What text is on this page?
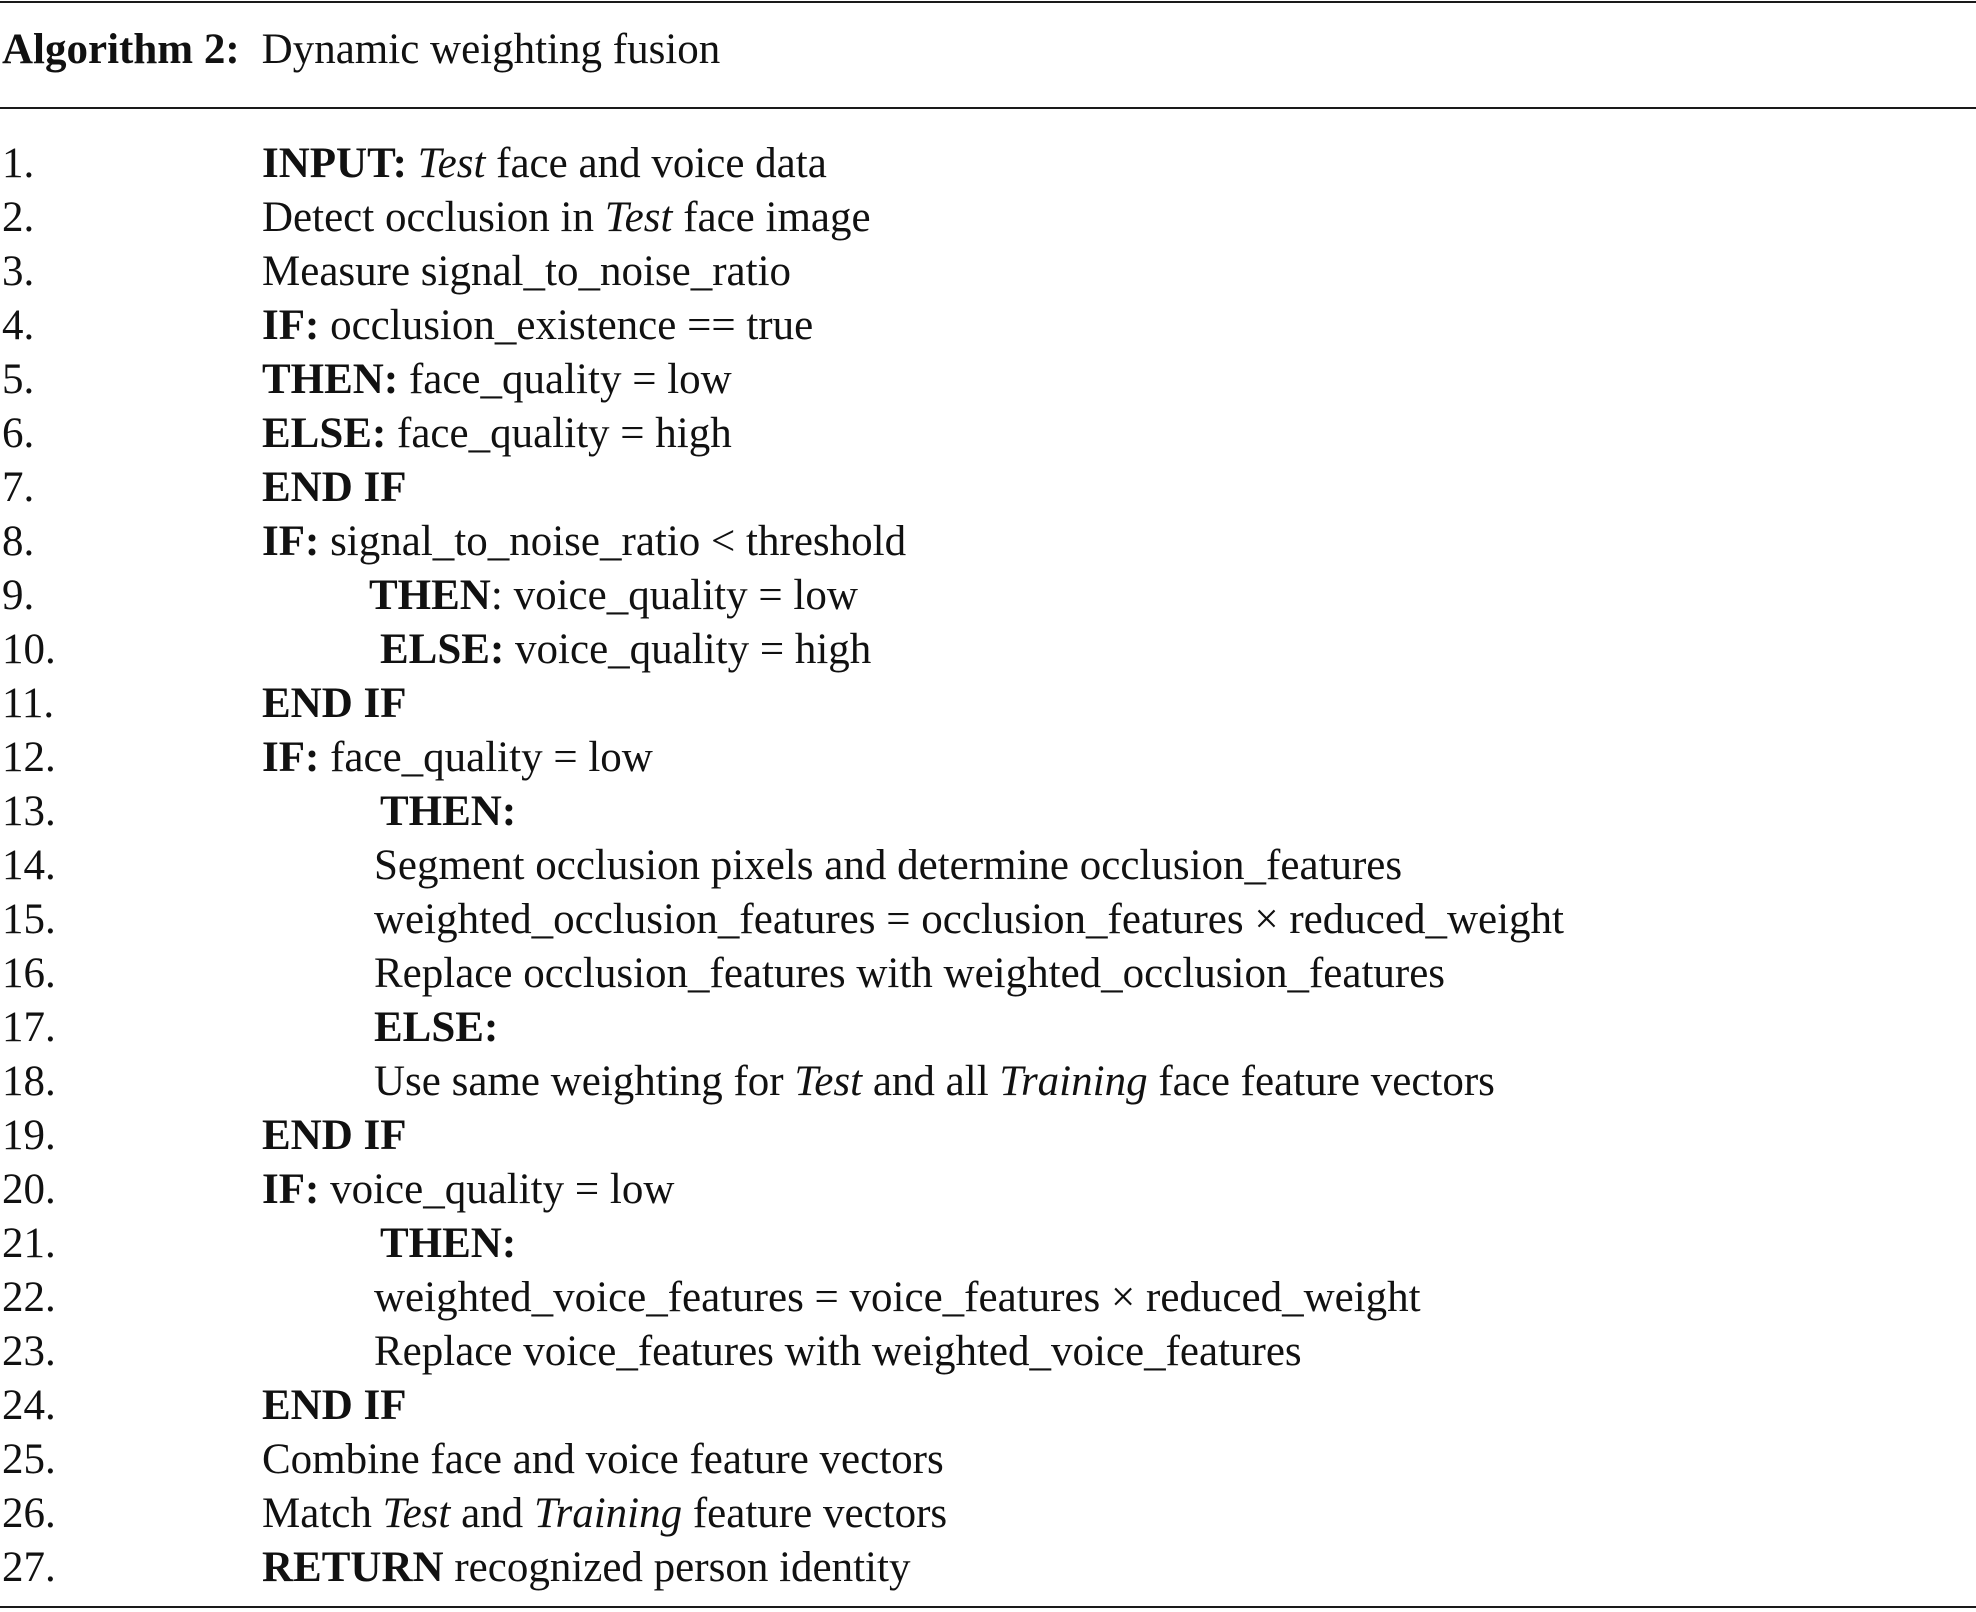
Algorithm 2: Dynamic weighting fusion
1.	INPUT: Test face and voice data
2.	Detect occlusion in Test face image
3.	Measure signal_to_noise_ratio
4.	IF: occlusion_existence == true
5.	THEN: face_quality = low
6.	ELSE: face_quality = high
7.	END IF
8.	IF: signal_to_noise_ratio < threshold
9.	THEN: voice_quality = low
10.	ELSE: voice_quality = high
11.	END IF
12.	IF: face_quality = low
13.	THEN:
14.	Segment occlusion pixels and determine occlusion_features
15.	weighted_occlusion_features = occlusion_features × reduced_weight
16.	Replace occlusion_features with weighted_occlusion_features
17.	ELSE:
18.	Use same weighting for Test and all Training face feature vectors
19.	END IF
20.	IF: voice_quality = low
21.	THEN:
22.	weighted_voice_features = voice_features × reduced_weight
23.	Replace voice_features with weighted_voice_features
24.	END IF
25.	Combine face and voice feature vectors
26.	Match Test and Training feature vectors
27.	RETURN recognized person identity
